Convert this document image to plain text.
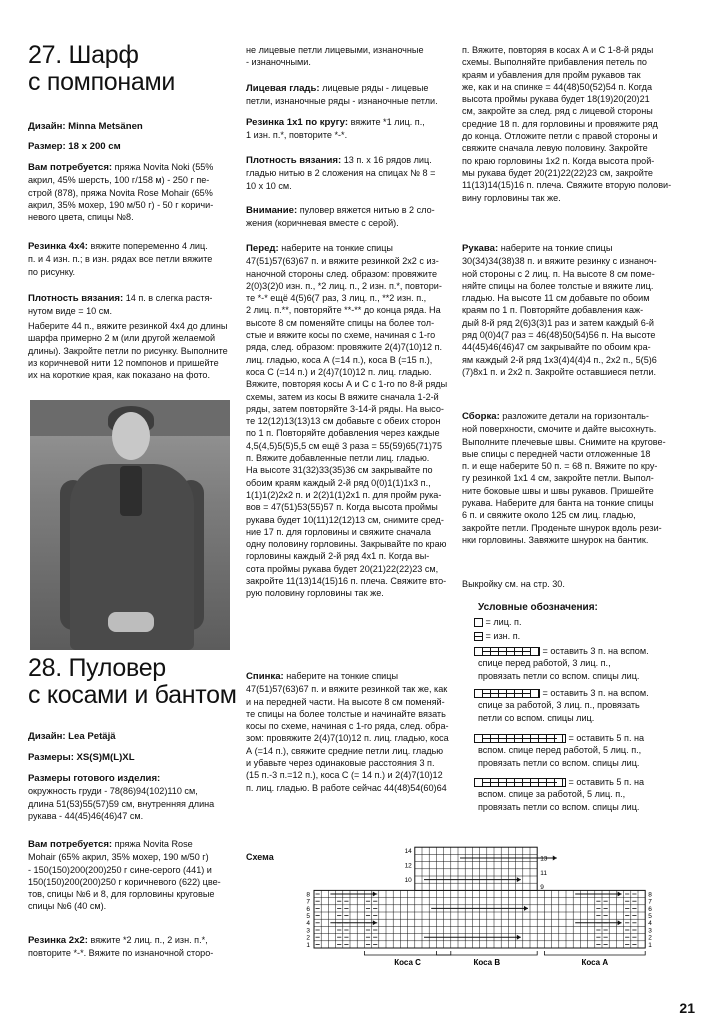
27. Шарф

с помпонами

Дизайн: Minna Metsänen

Размер: 18 x 200 см

Вам потребуется: пряжа Novita Noki (55%

акрил, 45% шерсть, 100 г/158 м) - 250 г пе-

строй (878), пряжа Novita Rose Mohair (65%

акрил, 35% мохер, 190 м/50 г) - 50 г коричи-

невого цвета, спицы №8.

Резинка 4х4: вяжите попеременно 4 лиц.

п. и 4 изн. п.; в изн. рядах все петли вяжите

по рисунку.

Плотность вязания: 14 п. в слегка растя-

нутом виде = 10 см.

Наберите 44 п., вяжите резинкой 4х4 до длины

шарфа примерно 2 м (или другой желаемой

длины). Закройте петли по рисунку. Выполните

из коричневой нити 12 помпонов и пришейте

их на короткие края, как показано на фото.

28. Пуловер

с косами и бантом

Дизайн: Lea Petäjä

Размеры: XS(S)M(L)XL

Размеры готового изделия:

окружность груди - 78(86)94(102)110 см,

длина 51(53)55(57)59 см, внутренняя длина

рукава - 44(45)46(46)47 см.

Вам потребуется: пряжа Novita Rose

Mohair (65% акрил, 35% мохер, 190 м/50 г)

- 150(150)200(200)250 г сине-серого (441) и

150(150)200(200)250 г коричневого (622) цве-

тов, спицы №6 и 8, для горловины круговые

спицы №6 (40 см).

Резинка 2х2: вяжите *2 лиц. п., 2 изн. п.*,

повторите *-*. Вяжите по изнаночной сторо-

не лицевые петли лицевыми, изнаночные

- изнаночными.

Лицевая гладь: лицевые ряды - лицевые

петли, изнаночные ряды - изнаночные петли.

Резинка 1х1 по кругу: вяжите *1 лиц. п.,

1 изн. п.*, повторите *-*.

Плотность вязания: 13 п. x 16 рядов лиц.

гладью нитью в 2 сложения на спицах № 8 =

10 x 10 см.

Внимание: пуловер вяжется нитью в 2 сло-

жения (коричневая вместе с серой).

Перед: наберите на тонкие спицы

47(51)57(63)67 п. и вяжите резинкой 2х2 с из-

наночной стороны след. образом: провяжите

2(0)3(2)0 изн. п., *2 лиц. п., 2 изн. п.*, повтори-

те *-* ещё 4(5)6(7 раз, 3 лиц. п., **2 изн. п.,

2 лиц. п.**, повторяйте **-** до конца ряда. На

высоте 8 см поменяйте спицы на более тол-

стые и вяжите косы по схеме, начиная с 1-го

ряда, след. образом: провяжите 2(4)7(10)12 п.

лиц. гладью, коса А (=14 п.), коса В (=15 п.),

коса С (=14 п.) и 2(4)7(10)12 п. лиц. гладью.

Вяжите, повторяя косы А и С с 1-го по 8-й ряды

схемы, затем из косы В вяжите сначала 1-2-й

ряды, затем повторяйте 3-14-й ряды. На высо-

те 12(12)13(13)13 см добавьте с обеих сторон

по 1 п. Повторяйте добавления через каждые

4,5(4,5)5(5)5,5 см ещё 3 раза = 55(59)65(71)75

п. Вяжите добавленные петли лиц. гладью.

На высоте 31(32)33(35)36 см закрывайте по

обоим краям каждый 2-й ряд 0(0)1(1)1х3 п.,

1(1)1(2)2х2 п. и 2(2)1(1)2х1 п. для пройм рука-

вов = 47(51)53(55)57 п. Когда высота проймы

рукава будет 10(11)12(12)13 см, снимите сред-

ние 17 п. для горловины и свяжите сначала

одну половину горловины. Закрывайте по краю

горловины каждый 2-й ряд 4х1 п. Когда вы-

сота проймы рукава будет 20(21)22(22)23 см,

закройте 11(13)14(15)16 п. плеча. Свяжите вто-

рую половину горловины так же.

Спинка: наберите на тонкие спицы

47(51)57(63)67 п. и вяжите резинкой так же, как

и на передней части. На высоте 8 см поменяй-

те спицы на более толстые и начинайте вязать

косы по схеме, начиная с 1-го ряда, след. обра-

зом: провяжите 2(4)7(10)12 п. лиц. гладью, коса

А (=14 п.), свяжите средние петли лиц. гладью

и убавьте через одинаковые расстояния 3 п.

(15 п.-3 п.=12 п.), коса С (= 14 п.) и 2(4)7(10)12

п. лиц. гладью. В работе сейчас 44(48)54(60)64

п. Вяжите, повторяя в косах А и С 1-8-й ряды

схемы. Выполняйте прибавления петель по

краям и убавления для пройм рукавов так

же, как и на спинке = 44(48)50(52)54 п. Когда

высота проймы рукава будет 18(19)20(20)21

см, закройте за след. ряд с лицевой стороны

средние 18 п. для горловины и провяжите ряд

до конца. Отложите петли с правой стороны и

свяжите сначала левую половину. Закройте

по краю горловины 1х2 п. Когда высота прой-

мы рукава будет 20(21)22(22)23 см, закройте

11(13)14(15)16 п. плеча. Свяжите вторую полови-

вину горловины так же.

Рукава: наберите на тонкие спицы

30(34)34(38)38 п. и вяжите резинку с изнаноч-

ной стороны с 2 лиц. п. На высоте 8 см поме-

няйте спицы на более толстые и вяжите лиц.

гладью. На высоте 11 см добавьте по обоим

краям по 1 п. Повторяйте добавления каж-

дый 8-й ряд 2(6)3(3)1 раз и затем каждый 6-й

ряд 0(0)4(7 раз = 46(48)50(54)56 п. На высоте

44(45)46(46)47 см закрывайте по обоим кра-

ям каждый 2-й ряд 1х3(4)4(4)4 п., 2х2 п., 5(5)6

(7)8х1 п. и 2х2 п. Закройте оставшиеся петли.

Сборка: разложите детали на горизонталь-

ной поверхности, смочите и дайте высохнуть.

Выполните плечевые швы. Снимите на кругове-

вые спицы с передней части отложенные 18

п. и еще наберите 50 п. = 68 п. Вяжите по кру-

гу резинкой 1х1 4 см, закройте петли. Выпол-

ните боковые швы и швы рукавов. Пришейте

рукава. Наберите для банта на тонкие спицы

6 п. и свяжите около 125 см лиц. гладью,

закройте петли. Проденьте шнурок вдоль рези-

нки горловины. Завяжите шнурок на бантик.

Выкройку см. на стр. 30.

Условные обозначения:

= лиц. п.
= изн. п.
= оставить 3 п. на вспом.
спице перед работой, 3 лиц. п.,
провязать петли со вспом. спицы лиц.
= оставить 3 п. на вспом.
спице за работой, 3 лиц. п., провязать
петли со вспом. спицы лиц.
= оставить 5 п. на
вспом. спице перед работой, 5 лиц. п.,
провязать петли со вспом. спицы лиц.
= оставить 5 п. на
вспом. спице за работой, 5 лиц. п.,
провязать петли со вспом. спицы лиц.
Схема
8
7
6
5
4
3
2
1
8
7
6
5
4
3
2
1
14
13
12
11
10
9
Коса С	Коса В	Коса А
21
